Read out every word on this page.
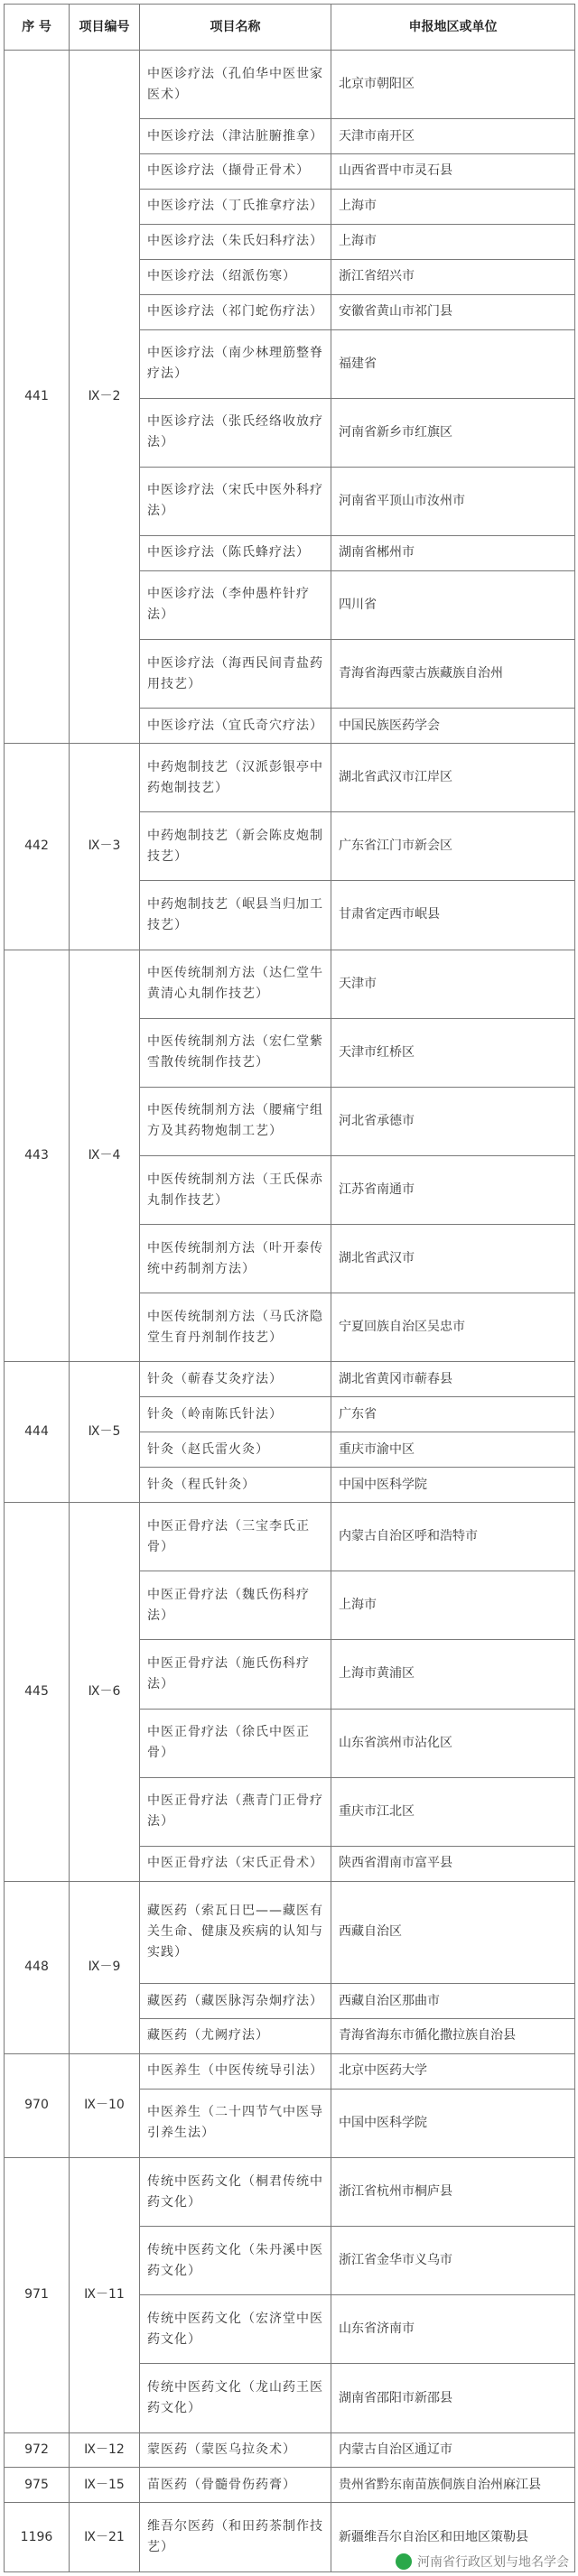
序 号	项目编号	项目名称	申报地区或单位
441	Ⅸ－2	中医诊疗法（孔伯华中医世家医术）	北京市朝阳区
		中医诊疗法（津沽脏腑推拿）	天津市南开区
		中医诊疗法（撷骨正骨术）	山西省晋中市灵石县
		中医诊疗法（丁氏推拿疗法）	上海市
		中医诊疗法（朱氏妇科疗法）	上海市
		中医诊疗法（绍派伤寒）	浙江省绍兴市
		中医诊疗法（祁门蛇伤疗法）	安徽省黄山市祁门县
		中医诊疗法（南少林理筋整脊疗法）	福建省
		中医诊疗法（张氏经络收放疗法）	河南省新乡市红旗区
		中医诊疗法（宋氏中医外科疗法）	河南省平顶山市汝州市
		中医诊疗法（陈氏蜂疗法）	湖南省郴州市
		中医诊疗法（李仲愚杵针疗法）	四川省
		中医诊疗法（海西民间青盐药用技艺）	青海省海西蒙古族藏族自治州
		中医诊疗法（宜氏奇穴疗法）	中国民族医药学会
442	Ⅸ－3	中药炮制技艺（汉派彭银亭中药炮制技艺）	湖北省武汉市江岸区
		中药炮制技艺（新会陈皮炮制技艺）	广东省江门市新会区
		中药炮制技艺（岷县当归加工技艺）	甘肃省定西市岷县
443	Ⅸ－4	中医传统制剂方法（达仁堂牛黄清心丸制作技艺）	天津市
		中医传统制剂方法（宏仁堂紫雪散传统制作技艺）	天津市红桥区
		中医传统制剂方法（腰痛宁组方及其药物炮制工艺）	河北省承德市
		中医传统制剂方法（王氏保赤丸制作技艺）	江苏省南通市
		中医传统制剂方法（叶开泰传统中药制剂方法）	湖北省武汉市
		中医传统制剂方法（马氏济隐堂生育丹剂制作技艺）	宁夏回族自治区吴忠市
444	Ⅸ－5	针灸（蕲春艾灸疗法）	湖北省黄冈市蕲春县
		针灸（岭南陈氏针法）	广东省
		针灸（赵氏雷火灸）	重庆市渝中区
		针灸（程氏针灸）	中国中医科学院
445	Ⅸ－6	中医正骨疗法（三宝李氏正骨）	内蒙古自治区呼和浩特市
		中医正骨疗法（魏氏伤科疗法）	上海市
		中医正骨疗法（施氏伤科疗法）	上海市黄浦区
		中医正骨疗法（徐氏中医正骨）	山东省滨州市沾化区
		中医正骨疗法（燕青门正骨疗法）	重庆市江北区
		中医正骨疗法（宋氏正骨术）	陕西省渭南市富平县
448	Ⅸ－9	藏医药（索瓦日巴——藏医有关生命、健康及疾病的认知与实践）	西藏自治区
		藏医药（藏医脉泻杂炯疗法）	西藏自治区那曲市
		藏医药（尤阙疗法）	青海省海东市循化撒拉族自治县
970	Ⅸ－10	中医养生（中医传统导引法）	北京中医药大学
		中医养生（二十四节气中医导引养生法）	中国中医科学院
971	Ⅸ－11	传统中医药文化（桐君传统中药文化）	浙江省杭州市桐庐县
		传统中医药文化（朱丹溪中医药文化）	浙江省金华市义乌市
		传统中医药文化（宏济堂中医药文化）	山东省济南市
		传统中医药文化（龙山药王医药文化）	湖南省邵阳市新邵县
972	Ⅸ－12	蒙医药（蒙医乌拉灸术）	内蒙古自治区通辽市
975	Ⅸ－15	苗医药（骨髓骨伤药膏）	贵州省黔东南苗族侗族自治州麻江县
1196	Ⅸ－21	维吾尔医药（和田药茶制作技艺）	新疆维吾尔自治区和田地区策勒县
河南省行政区划与地名学会
